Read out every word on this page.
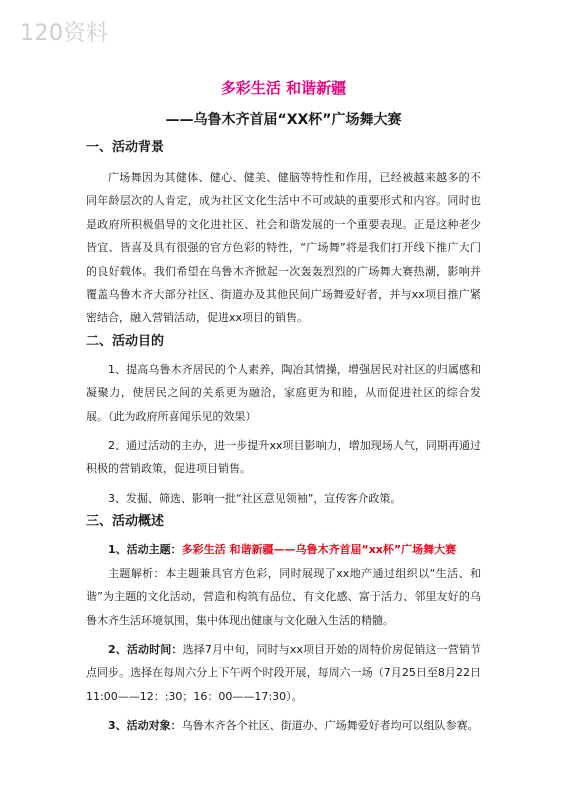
120资料
多彩生活 和谐新疆
——乌鲁木齐首届“XX杯”广场舞大赛
一、活动背景

广场舞因为其健体、健心、健美、健脑等特性和作用，已经被越来越多的不同年龄层次的人肯定，成为社区文化生活中不可或缺的重要形式和内容。同时也是政府所积极倡导的文化进社区、社会和谐发展的一个重要表现。正是这种老少皆宜、皆喜及具有很强的官方色彩的特性，“广场舞”将是我们打开线下推广大门的良好载体。我们希望在乌鲁木齐掀起一次轰轰烈烈的广场舞大赛热潮，影响并覆盖乌鲁木齐大部分社区、街道办及其他民间广场舞爱好者，并与xx项目推广紧密结合，融入营销活动，促进xx项目的销售。

二、活动目的

1、提高乌鲁木齐居民的个人素养，陶冶其情操，增强居民对社区的归属感和凝聚力，使居民之间的关系更为融洽，家庭更为和睦，从而促进社区的综合发展。（此为政府所喜闻乐见的效果）

2、通过活动的主办，进一步提升xx项目影响力，增加现场人气，同期再通过积极的营销政策，促进项目销售。

3、发掘、筛选、影响一批“社区意见领袖”，宣传客介政策。

三、活动概述

1、活动主题：多彩生活 和谐新疆——乌鲁木齐首届“xx杯”广场舞大赛

主题解析：本主题兼具官方色彩，同时展现了xx地产通过组织以“生活、和谐”为主题的文化活动，营造和构筑有品位、有文化感、富于活力、邻里友好的乌鲁木齐生活环境氛围，集中体现出健康与文化融入生活的精髓。

2、活动时间：选择7月中旬，同时与xx项目开始的周特价房促销这一营销节点同步。选择在每周六分上下午两个时段开展，每周六一场（7月25日至8月22日 11:00——12：:30；16：00——17:30）。

3、活动对象：乌鲁木齐各个社区、街道办、广场舞爱好者均可以组队参赛。
